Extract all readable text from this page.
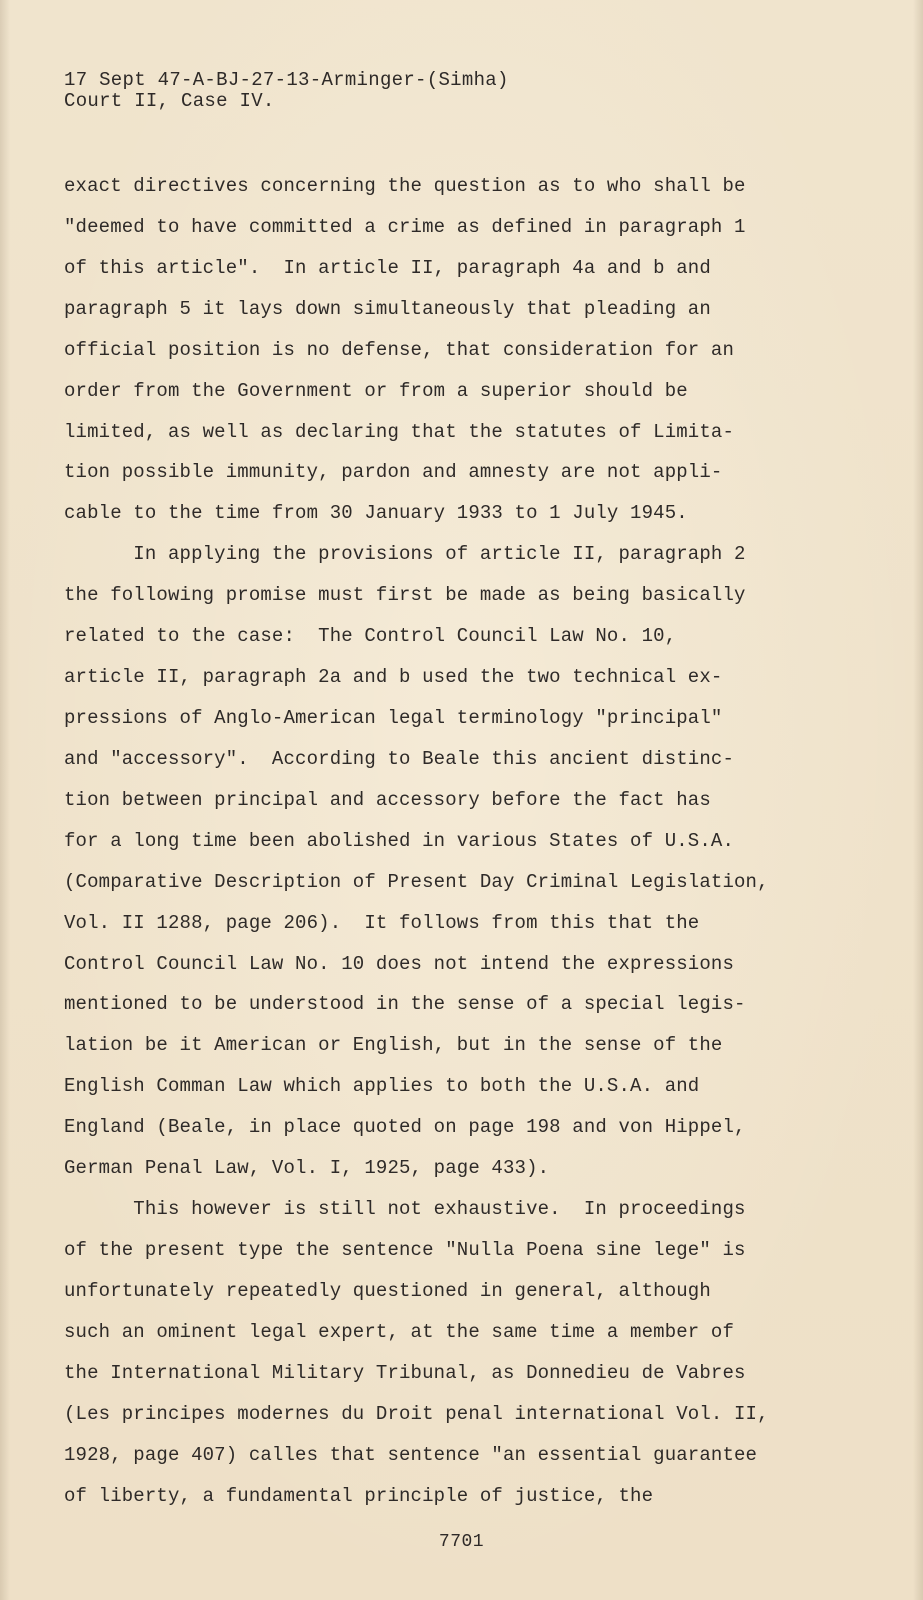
17 Sept 47-A-BJ-27-13-Arminger-(Simha)
Court II, Case IV.
exact directives concerning the question as to who shall be
"deemed to have committed a crime as defined in paragraph 1
of this article".  In article II, paragraph 4a and b and
paragraph 5 it lays down simultaneously that pleading an
official position is no defense, that consideration for an
order from the Government or from a superior should be
limited, as well as declaring that the statutes of Limita-
tion possible immunity, pardon and amnesty are not appli-
cable to the time from 30 January 1933 to 1 July 1945.
In applying the provisions of article II, paragraph 2
the following promise must first be made as being basically
related to the case:  The Control Council Law No. 10,
article II, paragraph 2a and b used the two technical ex-
pressions of Anglo-American legal terminology "principal"
and "accessory".  According to Beale this ancient distinc-
tion between principal and accessory before the fact has
for a long time been abolished in various States of U.S.A.
(Comparative Description of Present Day Criminal Legislation,
Vol. II 1288, page 206).  It follows from this that the
Control Council Law No. 10 does not intend the expressions
mentioned to be understood in the sense of a special legis-
lation be it American or English, but in the sense of the
English Comman Law which applies to both the U.S.A. and
England (Beale, in place quoted on page 198 and von Hippel,
German Penal Law, Vol. I, 1925, page 433).
This however is still not exhaustive.  In proceedings
of the present type the sentence "Nulla Poena sine lege" is
unfortunately repeatedly questioned in general, although
such an ominent legal expert, at the same time a member of
the International Military Tribunal, as Donnedieu de Vabres
(Les principes modernes du Droit penal international Vol. II,
1928, page 407) calles that sentence "an essential guarantee
of liberty, a fundamental principle of justice, the
7701
